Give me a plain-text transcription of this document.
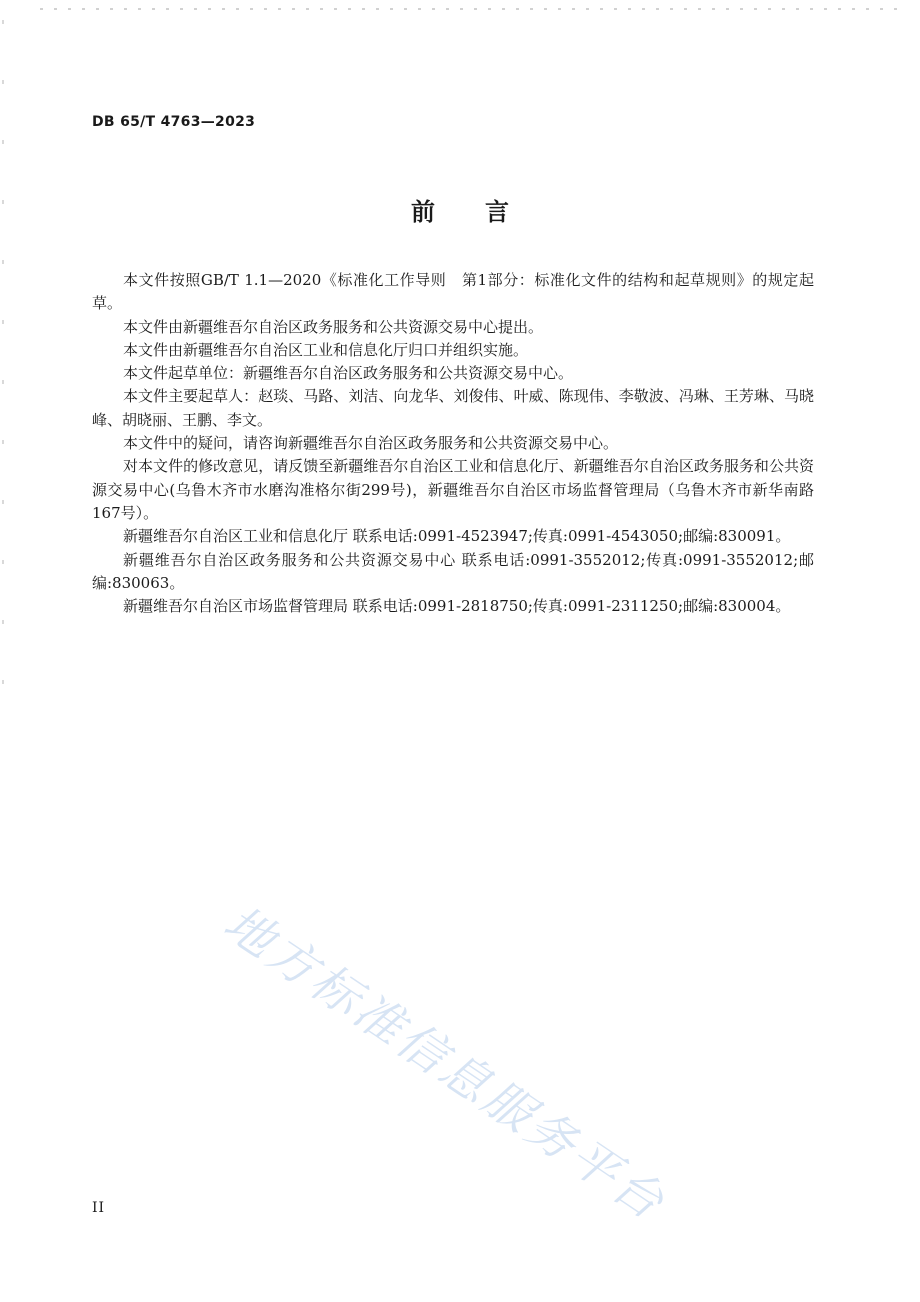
DB 65/T 4763—2023
前言

本文件按照GB/T 1.1—2020《标准化工作导则　第1部分：标准化文件的结构和起草规则》的规定起草。

本文件由新疆维吾尔自治区政务服务和公共资源交易中心提出。

本文件由新疆维吾尔自治区工业和信息化厅归口并组织实施。

本文件起草单位：新疆维吾尔自治区政务服务和公共资源交易中心。

本文件主要起草人：赵琰、马路、刘洁、向龙华、刘俊伟、叶威、陈现伟、李敬波、冯琳、王芳琳、马晓峰、胡晓丽、王鹏、李文。

本文件中的疑问，请咨询新疆维吾尔自治区政务服务和公共资源交易中心。

对本文件的修改意见，请反馈至新疆维吾尔自治区工业和信息化厅、新疆维吾尔自治区政务服务和公共资源交易中心(乌鲁木齐市水磨沟准格尔街299号)，新疆维吾尔自治区市场监督管理局（乌鲁木齐市新华南路167号）。

新疆维吾尔自治区工业和信息化厅 联系电话:0991-4523947;传真:0991-4543050;邮编:830091。

新疆维吾尔自治区政务服务和公共资源交易中心 联系电话:0991-3552012;传真:0991-3552012;邮编:830063。

新疆维吾尔自治区市场监督管理局 联系电话:0991-2818750;传真:0991-2311250;邮编:830004。

地方标准信息服务平台
II
